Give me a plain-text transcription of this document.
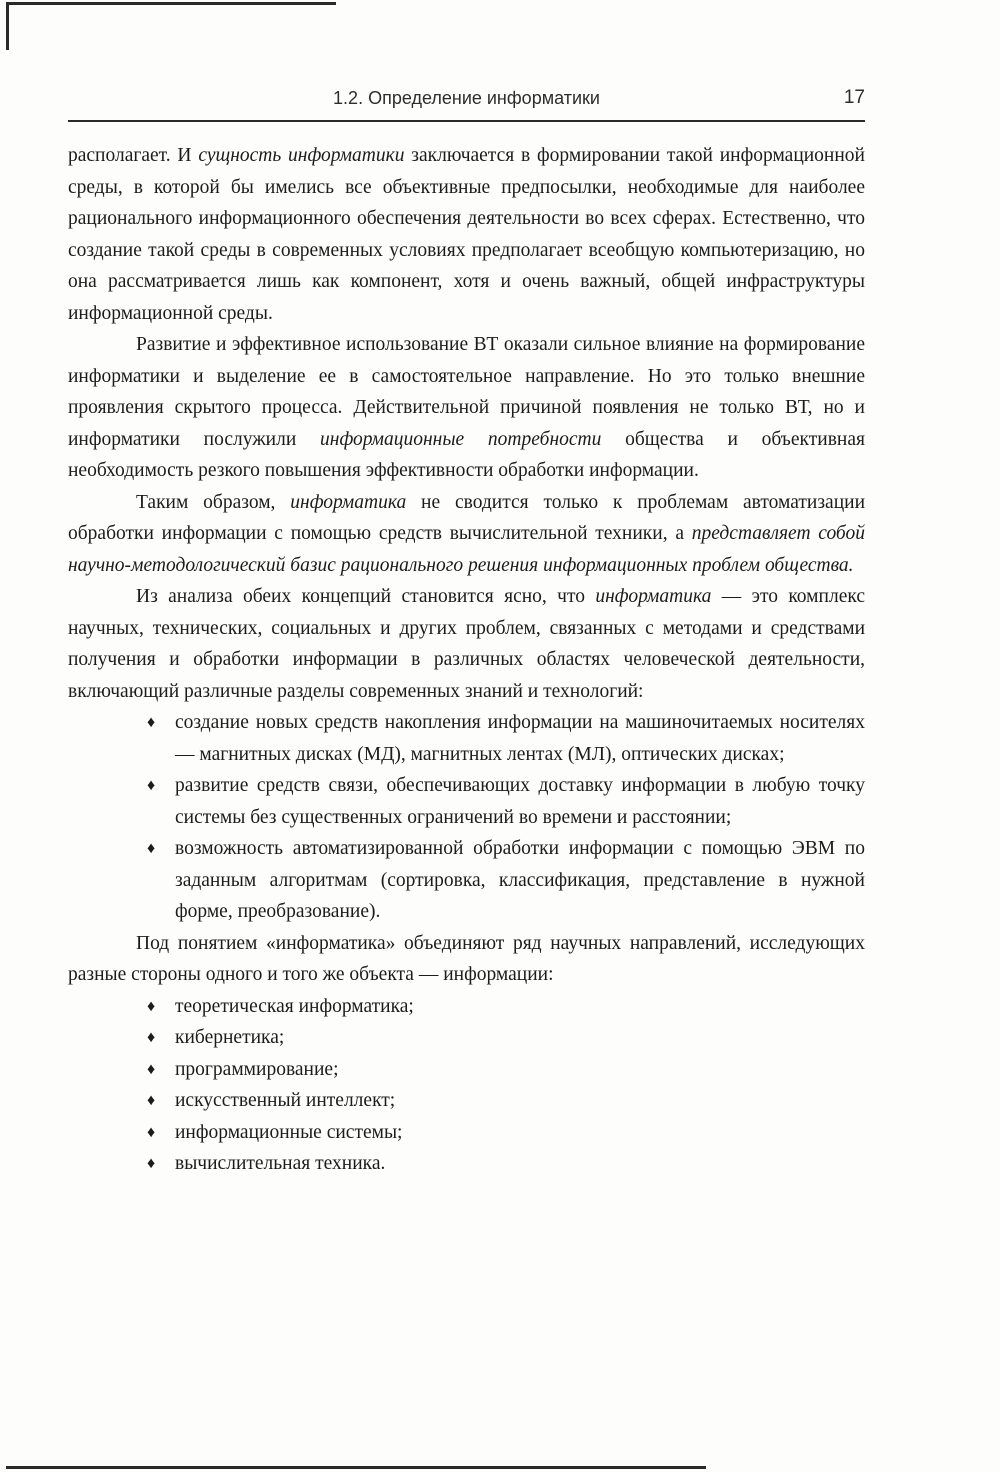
1.2. Определение информатики	17

располагает. И сущность информатики заключается в формировании такой информационной среды, в которой бы имелись все объективные предпосылки, необходимые для наиболее рационального информационного обеспечения деятельности во всех сферах. Естественно, что создание такой среды в современных условиях предполагает всеобщую компьютеризацию, но она рассматривается лишь как компонент, хотя и очень важный, общей инфраструктуры информационной среды.

Развитие и эффективное использование ВТ оказали сильное влияние на формирование информатики и выделение ее в самостоятельное направление. Но это только внешние проявления скрытого процесса. Действительной причиной появления не только ВТ, но и информатики послужили информационные потребности общества и объективная необходимость резкого повышения эффективности обработки информации.

Таким образом, информатика не сводится только к проблемам автоматизации обработки информации с помощью средств вычислительной техники, а представляет собой научно-методологический базис рационального решения информационных проблем общества.

Из анализа обеих концепций становится ясно, что информатика — это комплекс научных, технических, социальных и других проблем, связанных с методами и средствами получения и обработки информации в различных областях человеческой деятельности, включающий различные разделы современных знаний и технологий:

♦ создание новых средств накопления информации на машиночитаемых носителях — магнитных дисках (МД), магнитных лентах (МЛ), оптических дисках;
♦ развитие средств связи, обеспечивающих доставку информации в любую точку системы без существенных ограничений во времени и расстоянии;
♦ возможность автоматизированной обработки информации с помощью ЭВМ по заданным алгоритмам (сортировка, классификация, представление в нужной форме, преобразование).

Под понятием «информатика» объединяют ряд научных направлений, исследующих разные стороны одного и того же объекта — информации:

♦ теоретическая информатика;
♦ кибернетика;
♦ программирование;
♦ искусственный интеллект;
♦ информационные системы;
♦ вычислительная техника.
